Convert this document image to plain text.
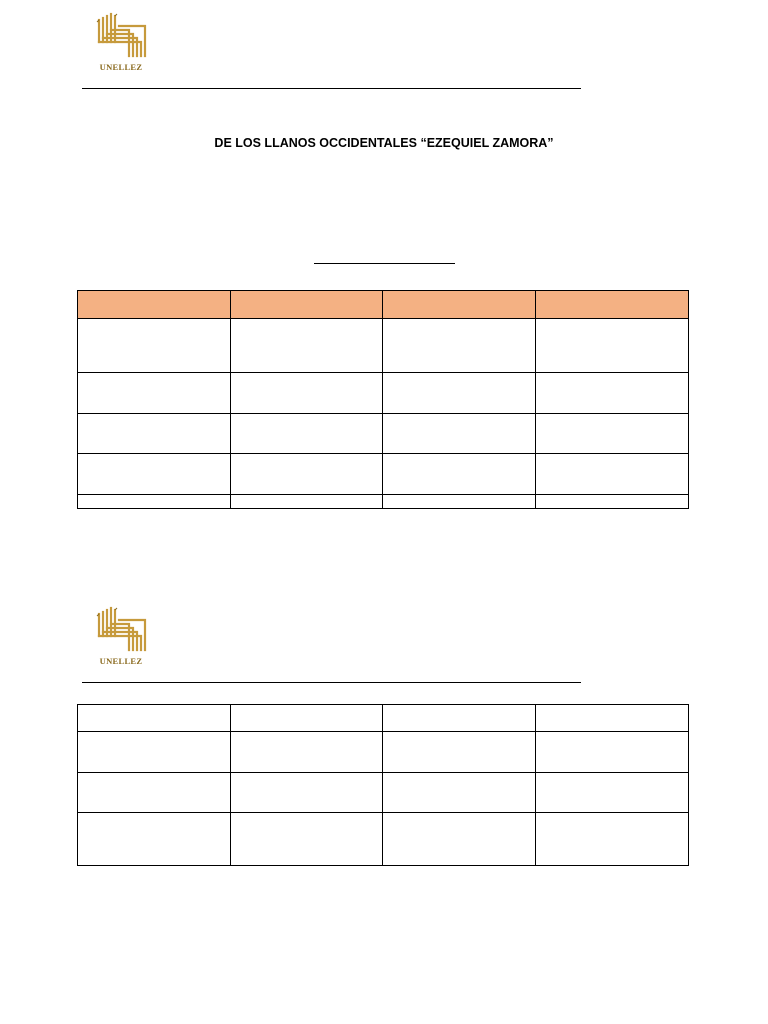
UNELLEZ
DE LOS LLANOS OCCIDENTALES “EZEQUIEL ZAMORA”

UNELLEZ
